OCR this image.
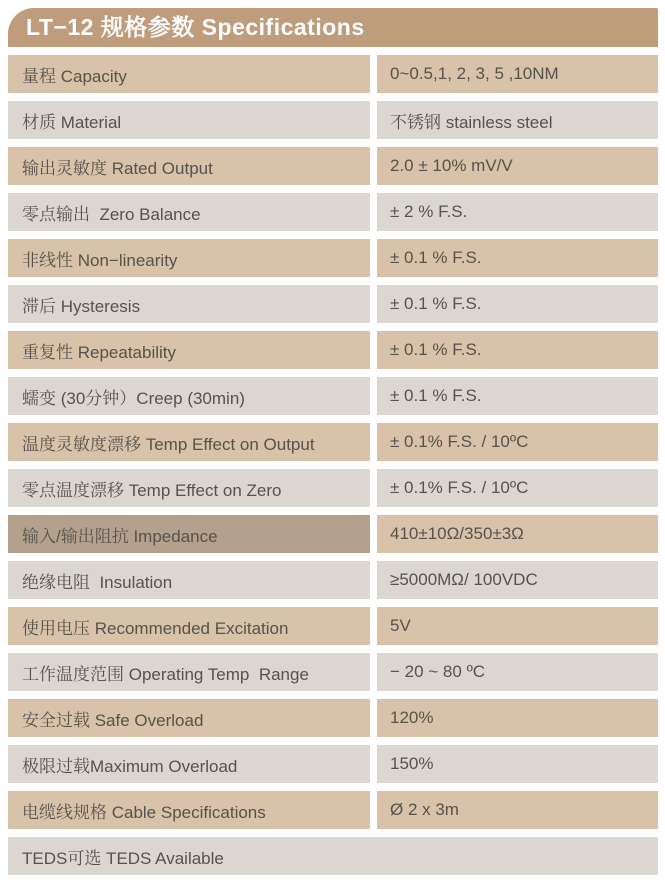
LT−12 规格参数 Specifications
量程 Capacity	0~0.5,1, 2, 3, 5 ,10NM
材质 Material	不锈钢 stainless steel
输出灵敏度 Rated Output	2.0 ± 10% mV/V
零点输出  Zero Balance	± 2 % F.S.
非线性 Non−linearity	± 0.1 % F.S.
滞后 Hysteresis	± 0.1 % F.S.
重复性 Repeatability	± 0.1 % F.S.
蠕变 (30分钟）Creep (30min)	± 0.1 % F.S.
温度灵敏度漂移 Temp Effect on Output	± 0.1% F.S. / 10ºC
零点温度漂移 Temp Effect on Zero	± 0.1% F.S. / 10ºC
输入/输出阻抗 Impedance	410±10Ω/350±3Ω
绝缘电阻  Insulation	≥5000MΩ/ 100VDC
使用电压 Recommended Excitation	5V
工作温度范围 Operating Temp  Range	− 20 ~ 80 ºC
安全过载 Safe Overload	120%
极限过载Maximum Overload	150%
电缆线规格 Cable Specifications	Ø 2 x 3m
TEDS可选 TEDS Available
